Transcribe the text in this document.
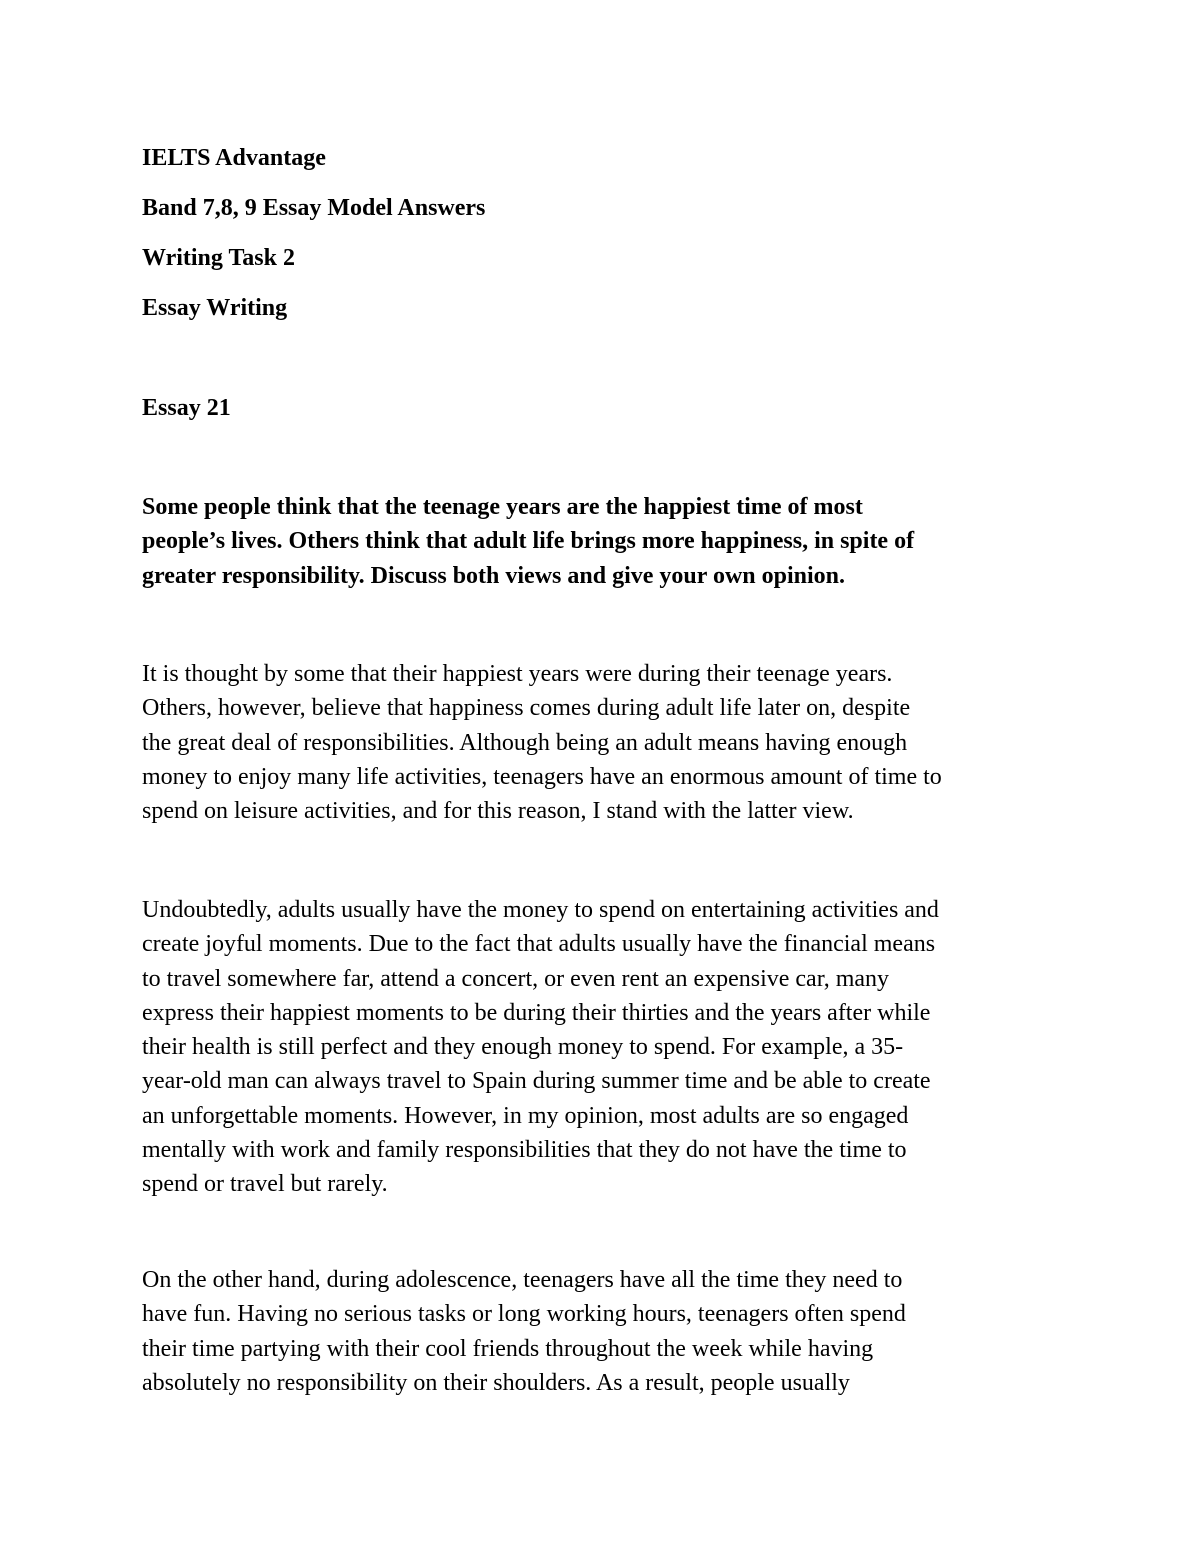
IELTS Advantage
Band 7,8, 9 Essay Model Answers
Writing Task 2
Essay Writing
Essay 21
Some people think that the teenage years are the happiest time of most
people’s lives. Others think that adult life brings more happiness, in spite of
greater responsibility. Discuss both views and give your own opinion.
It is thought by some that their happiest years were during their teenage years.
Others, however, believe that happiness comes during adult life later on, despite
the great deal of responsibilities. Although being an adult means having enough
money to enjoy many life activities, teenagers have an enormous amount of time to
spend on leisure activities, and for this reason, I stand with the latter view.
Undoubtedly, adults usually have the money to spend on entertaining activities and
create joyful moments. Due to the fact that adults usually have the financial means
to travel somewhere far, attend a concert, or even rent an expensive car, many
express their happiest moments to be during their thirties and the years after while
their health is still perfect and they enough money to spend. For example, a 35-
year-old man can always travel to Spain during summer time and be able to create
an unforgettable moments. However, in my opinion, most adults are so engaged
mentally with work and family responsibilities that they do not have the time to
spend or travel but rarely.
On the other hand, during adolescence, teenagers have all the time they need to
have fun. Having no serious tasks or long working hours, teenagers often spend
their time partying with their cool friends throughout the week while having
absolutely no responsibility on their shoulders. As a result, people usually
